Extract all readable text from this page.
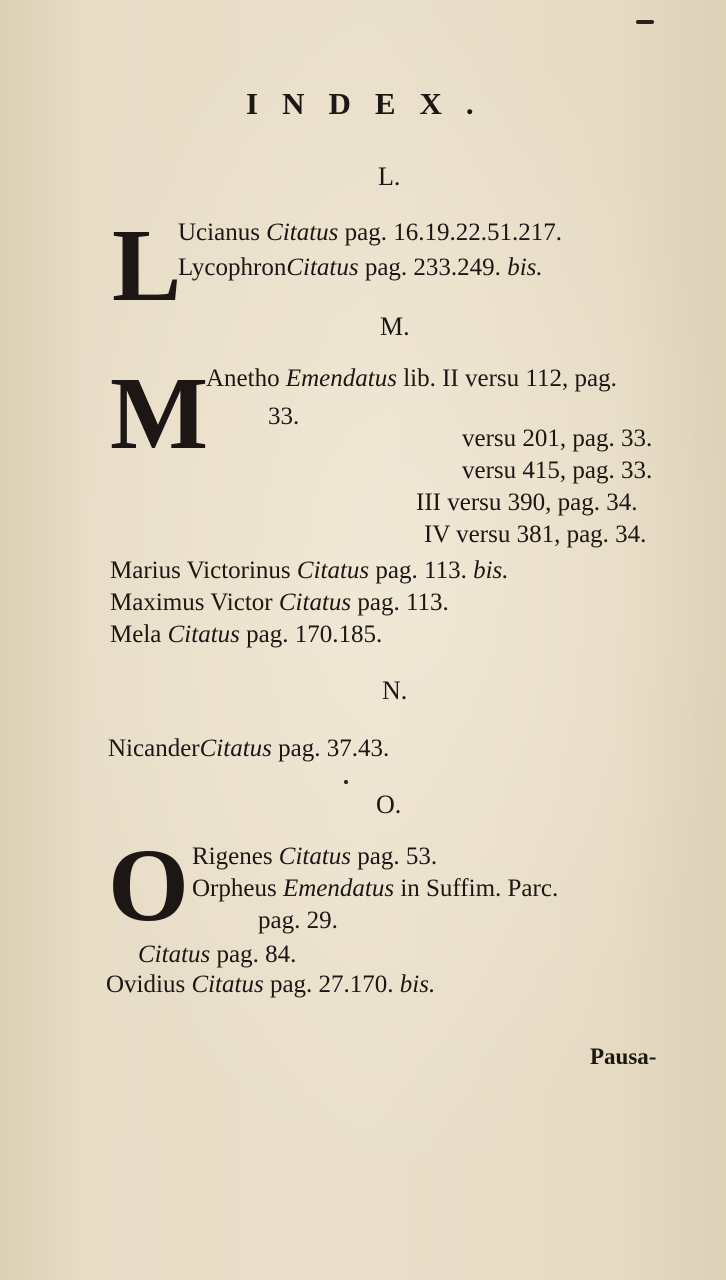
INDEX.
L.
L
Ucianus Citatus pag. 16.19.22.51.217.
LycophronCitatus pag. 233.249. bis.
M.
M
Anetho Emendatus lib. II versu 112, pag.
33.
versu 201, pag. 33.
versu 415, pag. 33.
III versu 390, pag. 34.
IV versu 381, pag. 34.
Marius Victorinus Citatus pag. 113. bis.
Maximus Victor Citatus pag. 113.
Mela Citatus pag. 170.185.
N.
NicanderCitatus pag. 37.43.
O.
O Rigenes Citatus pag. 53.
Orpheus Emendatus in Suffim. Parc.
pag. 29.
Citatus pag. 84.
Ovidius Citatus pag. 27.170. bis.
Pausa-
